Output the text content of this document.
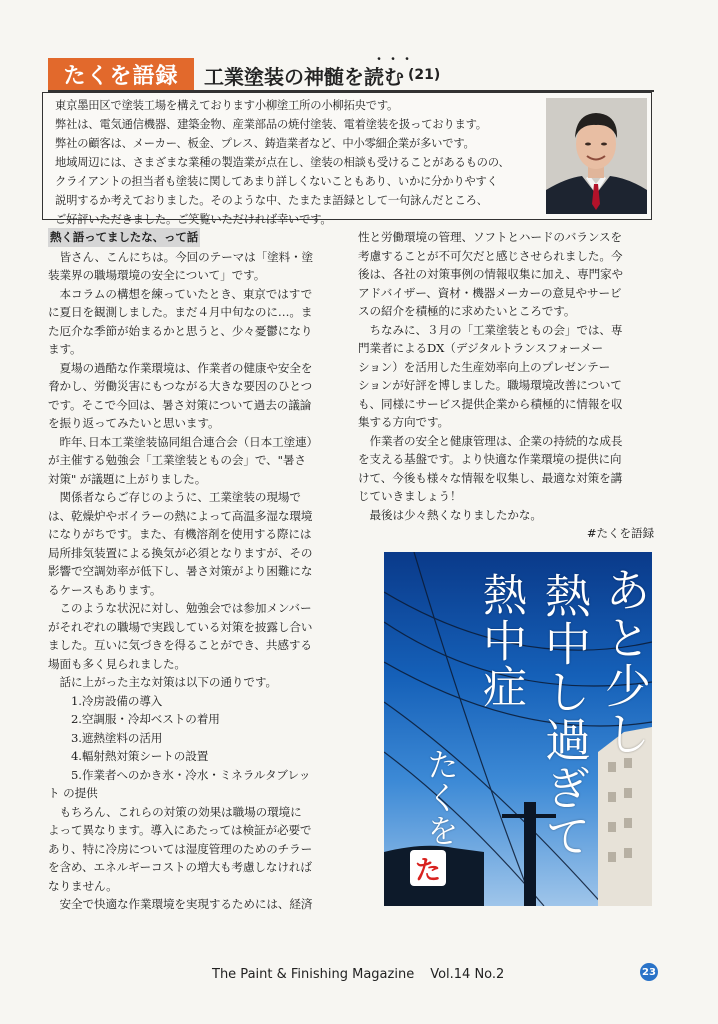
たくを語録	工業塗装の神髄を読む (21)
･･･

東京墨田区で塗装工場を構えております小柳塗工所の小柳拓央です。

弊社は、電気通信機器、建築金物、産業部品の焼付塗装、電着塗装を扱っております。

弊社の顧客は、メーカー、板金、プレス、鋳造業者など、中小零細企業が多いです。

地域周辺には、さまざまな業種の製造業が点在し、塗装の相談も受けることがあるものの、

クライアントの担当者も塗装に関してあまり詳しくないこともあり、いかに分かりやすく

説明するか考えておりました。そのような中、たまたま語録として一句詠んだところ、

ご好評いただきました。ご笑覧いただければ幸いです。

熱く語ってましたな、って話

　皆さん、こんにちは。今回のテーマは「塗料・塗

装業界の職場環境の安全について」です。

　本コラムの構想を練っていたとき、東京ではすで

に夏日を観測しました。まだ４月中旬なのに…。ま

た厄介な季節が始まるかと思うと、少々憂鬱になり

ます。

　夏場の過酷な作業環境は、作業者の健康や安全を

脅かし、労働災害にもつながる大きな要因のひとつ

です。そこで今回は、暑さ対策について過去の議論

を振り返ってみたいと思います。

　昨年､日本工業塗装協同組合連合会（日本工塗連）

が主催する勉強会「工業塗装ともの会」で、"暑さ

対策" が議題に上がりました。

　関係者ならご存じのように、工業塗装の現場で

は、乾燥炉やボイラーの熱によって高温多湿な環境

になりがちです。また、有機溶剤を使用する際には

局所排気装置による換気が必須となりますが、その

影響で空調効率が低下し、暑さ対策がより困難にな

るケースもあります。

　このような状況に対し、勉強会では参加メンバー

がそれぞれの職場で実践している対策を披露し合い

ました。互いに気づきを得ることができ、共感する

場面も多く見られました。

　話に上がった主な対策は以下の通りです。

　　1.冷房設備の導入

　　2.空調服・冷却ベストの着用

　　3.遮熱塗料の活用

　　4.輻射熱対策シートの設置

　　5.作業者へのかき氷・冷水・ミネラルタブレッ

ト の提供

　もちろん、これらの対策の効果は職場の環境に

よって異なります。導入にあたっては検証が必要で

あり、特に冷房については湿度管理のためのチラー

を含め、エネルギーコストの増大も考慮しなければ

なりません。

　安全で快適な作業環境を実現するためには、経済

性と労働環境の管理、ソフトとハードのバランスを

考慮することが不可欠だと感じさせられました。今

後は、各社の対策事例の情報収集に加え、専門家や

アドバイザー、資材・機器メーカーの意見やサービ

スの紹介を積極的に求めたいところです。

　ちなみに、３月の「工業塗装ともの会」では、専

門業者によるDX（デジタルトランスフォーメー

ション）を活用した生産効率向上のプレゼンテー

ションが好評を博しました。職場環境改善について

も、同様にサービス提供企業から積極的に情報を収

集する方向です。

　作業者の安全と健康管理は、企業の持続的な成長

を支える基盤です。より快適な作業環境の提供に向

けて、今後も様々な情報を収集し、最適な対策を講

じていきましょう！

　最後は少々熱くなりましたかな。

#たくを語録

あと少し
熱中し過ぎて
熱中症
たくを
た
The Paint & Finishing Magazine Vol.14 No.2	23
